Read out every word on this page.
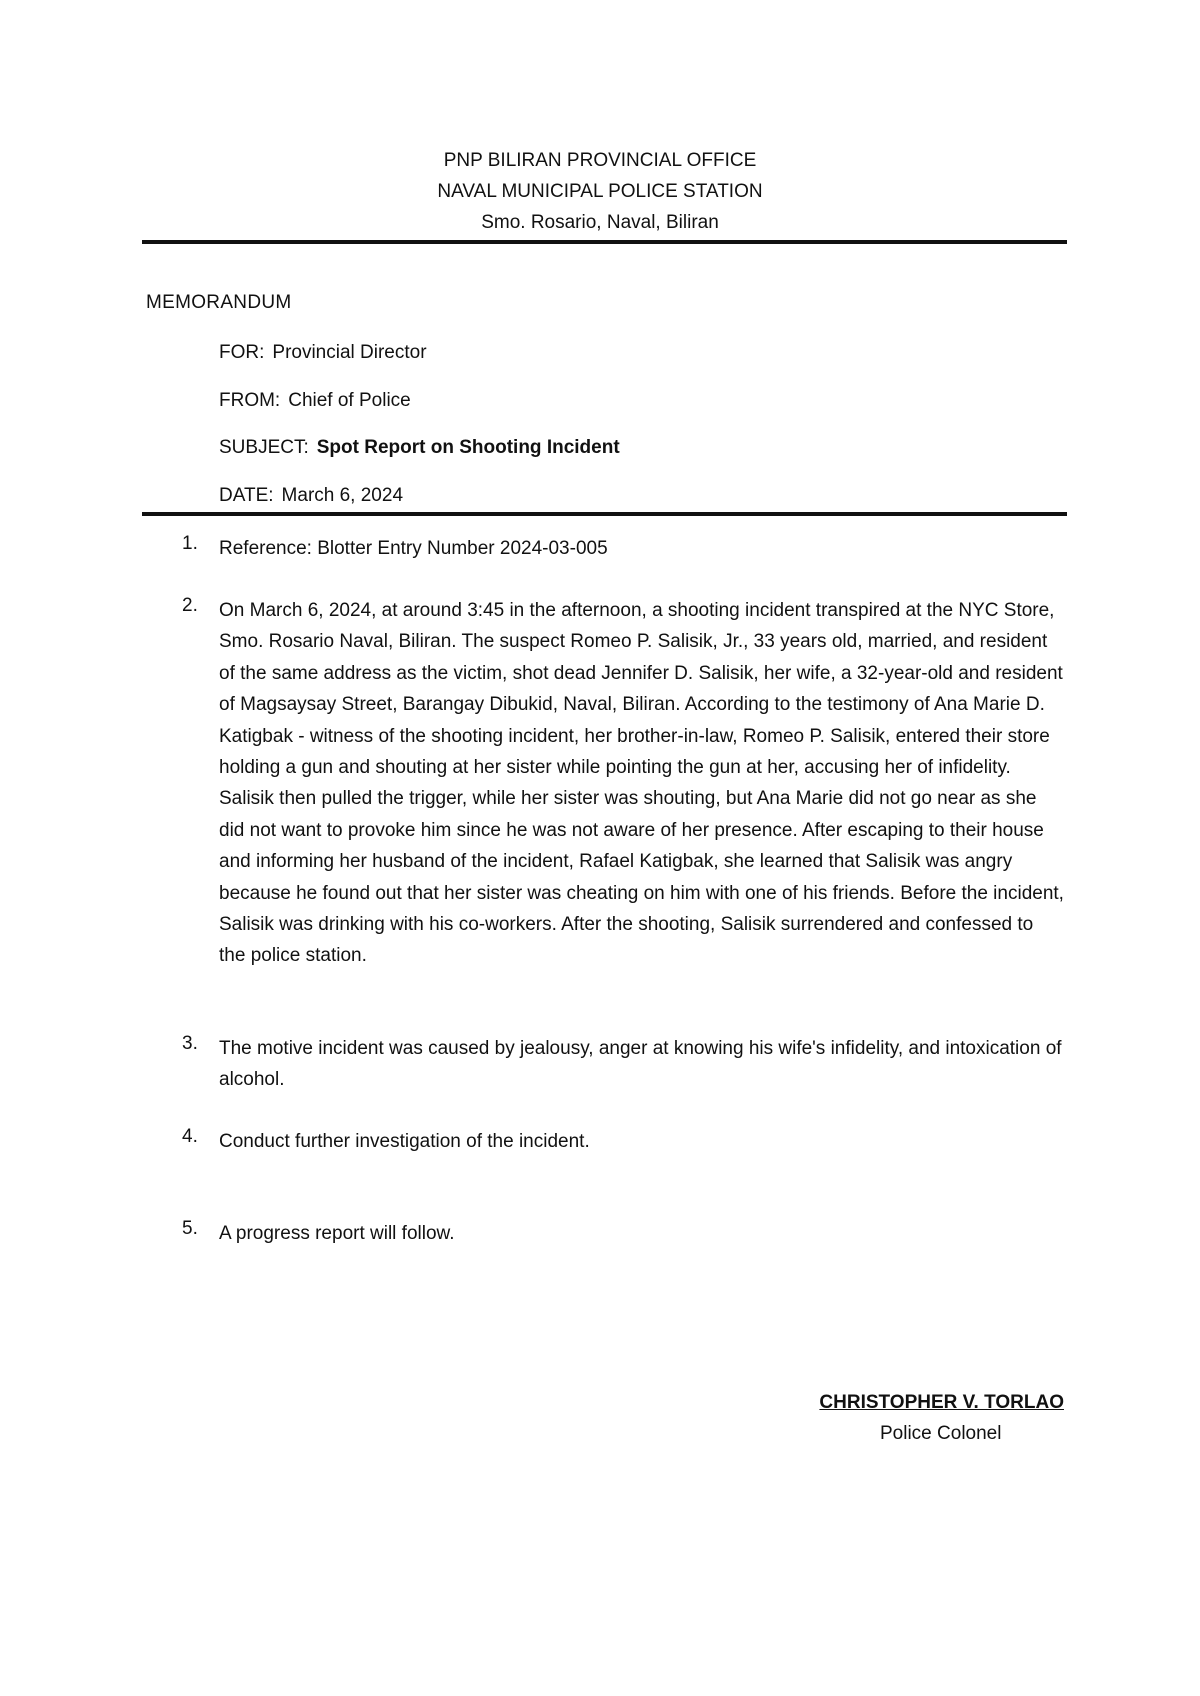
PNP BILIRAN PROVINCIAL OFFICE
NAVAL MUNICIPAL POLICE STATION
Smo. Rosario, Naval, Biliran
MEMORANDUM
FOR: Provincial Director
FROM: Chief of Police
SUBJECT: Spot Report on Shooting Incident
DATE: March 6, 2024
1.	Reference: Blotter Entry Number 2024-03-005
2.	On March 6, 2024, at around 3:45 in the afternoon, a shooting incident transpired at the NYC Store, Smo. Rosario Naval, Biliran. The suspect Romeo P. Salisik, Jr., 33 years old, married, and resident of the same address as the victim, shot dead Jennifer D. Salisik, her wife, a 32-year-old and resident of Magsaysay Street, Barangay Dibukid, Naval, Biliran. According to the testimony of Ana Marie D. Katigbak - witness of the shooting incident, her brother-in-law, Romeo P. Salisik, entered their store holding a gun and shouting at her sister while pointing the gun at her, accusing her of infidelity. Salisik then pulled the trigger, while her sister was shouting, but Ana Marie did not go near as she did not want to provoke him since he was not aware of her presence. After escaping to their house and informing her husband of the incident, Rafael Katigbak, she learned that Salisik was angry because he found out that her sister was cheating on him with one of his friends. Before the incident, Salisik was drinking with his co-workers. After the shooting, Salisik surrendered and confessed to the police station.
3.	The motive incident was caused by jealousy, anger at knowing his wife's infidelity, and intoxication of alcohol.
4.	Conduct further investigation of the incident.
5.	A progress report will follow.
CHRISTOPHER V. TORLAO
Police Colonel
